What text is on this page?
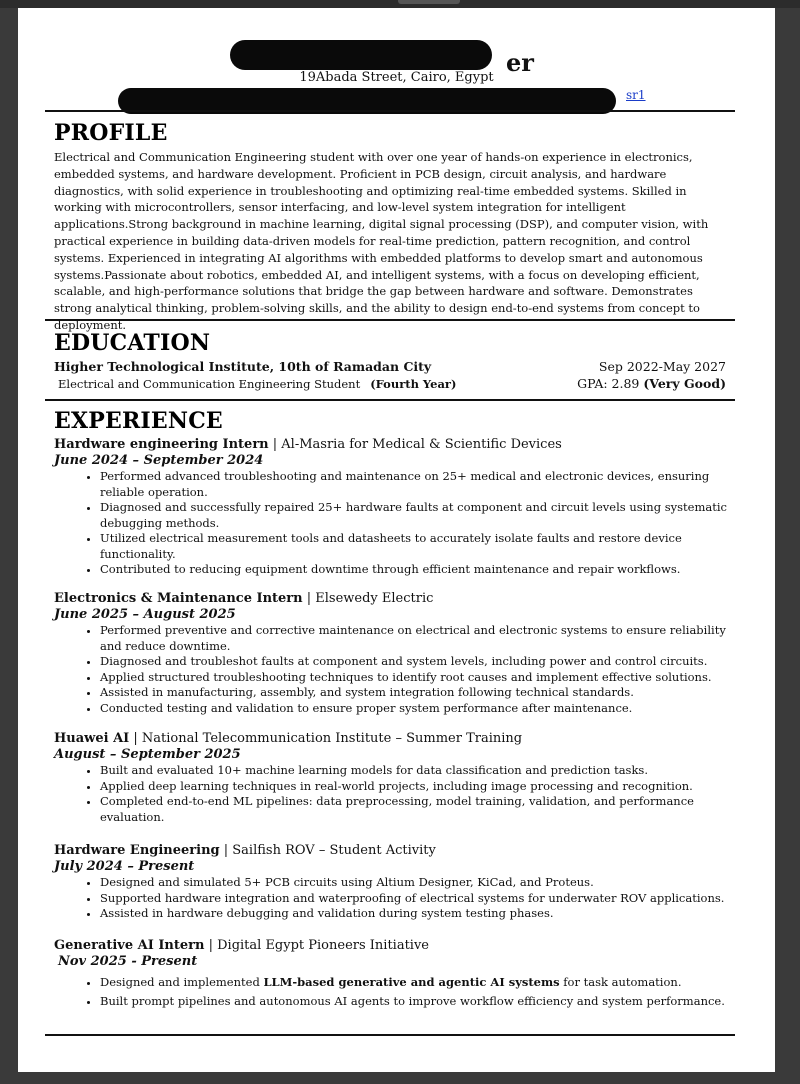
er
19Abada Street, Cairo, Egypt
sr1
PROFILE

Electrical and Communication Engineering student with over one year of hands-on experience in electronics, embedded systems, and hardware development. Proficient in PCB design, circuit analysis, and hardware diagnostics, with solid experience in troubleshooting and optimizing real-time embedded systems. Skilled in working with microcontrollers, sensor interfacing, and low-level system integration for intelligent applications.Strong background in machine learning, digital signal processing (DSP), and computer vision, with practical experience in building data-driven models for real-time prediction, pattern recognition, and control systems. Experienced in integrating AI algorithms with embedded platforms to develop smart and autonomous systems.Passionate about robotics, embedded AI, and intelligent systems, with a focus on developing efficient, scalable, and high-performance solutions that bridge the gap between hardware and software. Demonstrates strong analytical thinking, problem-solving skills, and the ability to design end-to-end systems from concept to deployment.

EDUCATION
Higher Technological Institute, 10th of Ramadan City	Sep 2022-May 2027
Electrical and Communication Engineering Student (Fourth Year)	GPA: 2.89 (Very Good)
EXPERIENCE
Hardware engineering Intern | Al-Masria for Medical & Scientific Devices
June 2024 – September 2024
• Performed advanced troubleshooting and maintenance on 25+ medical and electronic devices, ensuring reliable operation.
• Diagnosed and successfully repaired 25+ hardware faults at component and circuit levels using systematic debugging methods.
• Utilized electrical measurement tools and datasheets to accurately isolate faults and restore device functionality.
• Contributed to reducing equipment downtime through efficient maintenance and repair workflows.
Electronics & Maintenance Intern | Elsewedy Electric
June 2025 – August 2025
• Performed preventive and corrective maintenance on electrical and electronic systems to ensure reliability and reduce downtime.
• Diagnosed and troubleshot faults at component and system levels, including power and control circuits.
• Applied structured troubleshooting techniques to identify root causes and implement effective solutions.
• Assisted in manufacturing, assembly, and system integration following technical standards.
• Conducted testing and validation to ensure proper system performance after maintenance.
Huawei AI | National Telecommunication Institute – Summer Training
August – September 2025
• Built and evaluated 10+ machine learning models for data classification and prediction tasks.
• Applied deep learning techniques in real-world projects, including image processing and recognition.
• Completed end-to-end ML pipelines: data preprocessing, model training, validation, and performance evaluation.
Hardware Engineering | Sailfish ROV – Student Activity
July 2024 – Present
• Designed and simulated 5+ PCB circuits using Altium Designer, KiCad, and Proteus.
• Supported hardware integration and waterproofing of electrical systems for underwater ROV applications.
• Assisted in hardware debugging and validation during system testing phases.
Generative AI Intern | Digital Egypt Pioneers Initiative
Nov 2025 - Present
• Designed and implemented LLM-based generative and agentic AI systems for task automation.
• Built prompt pipelines and autonomous AI agents to improve workflow efficiency and system performance.
